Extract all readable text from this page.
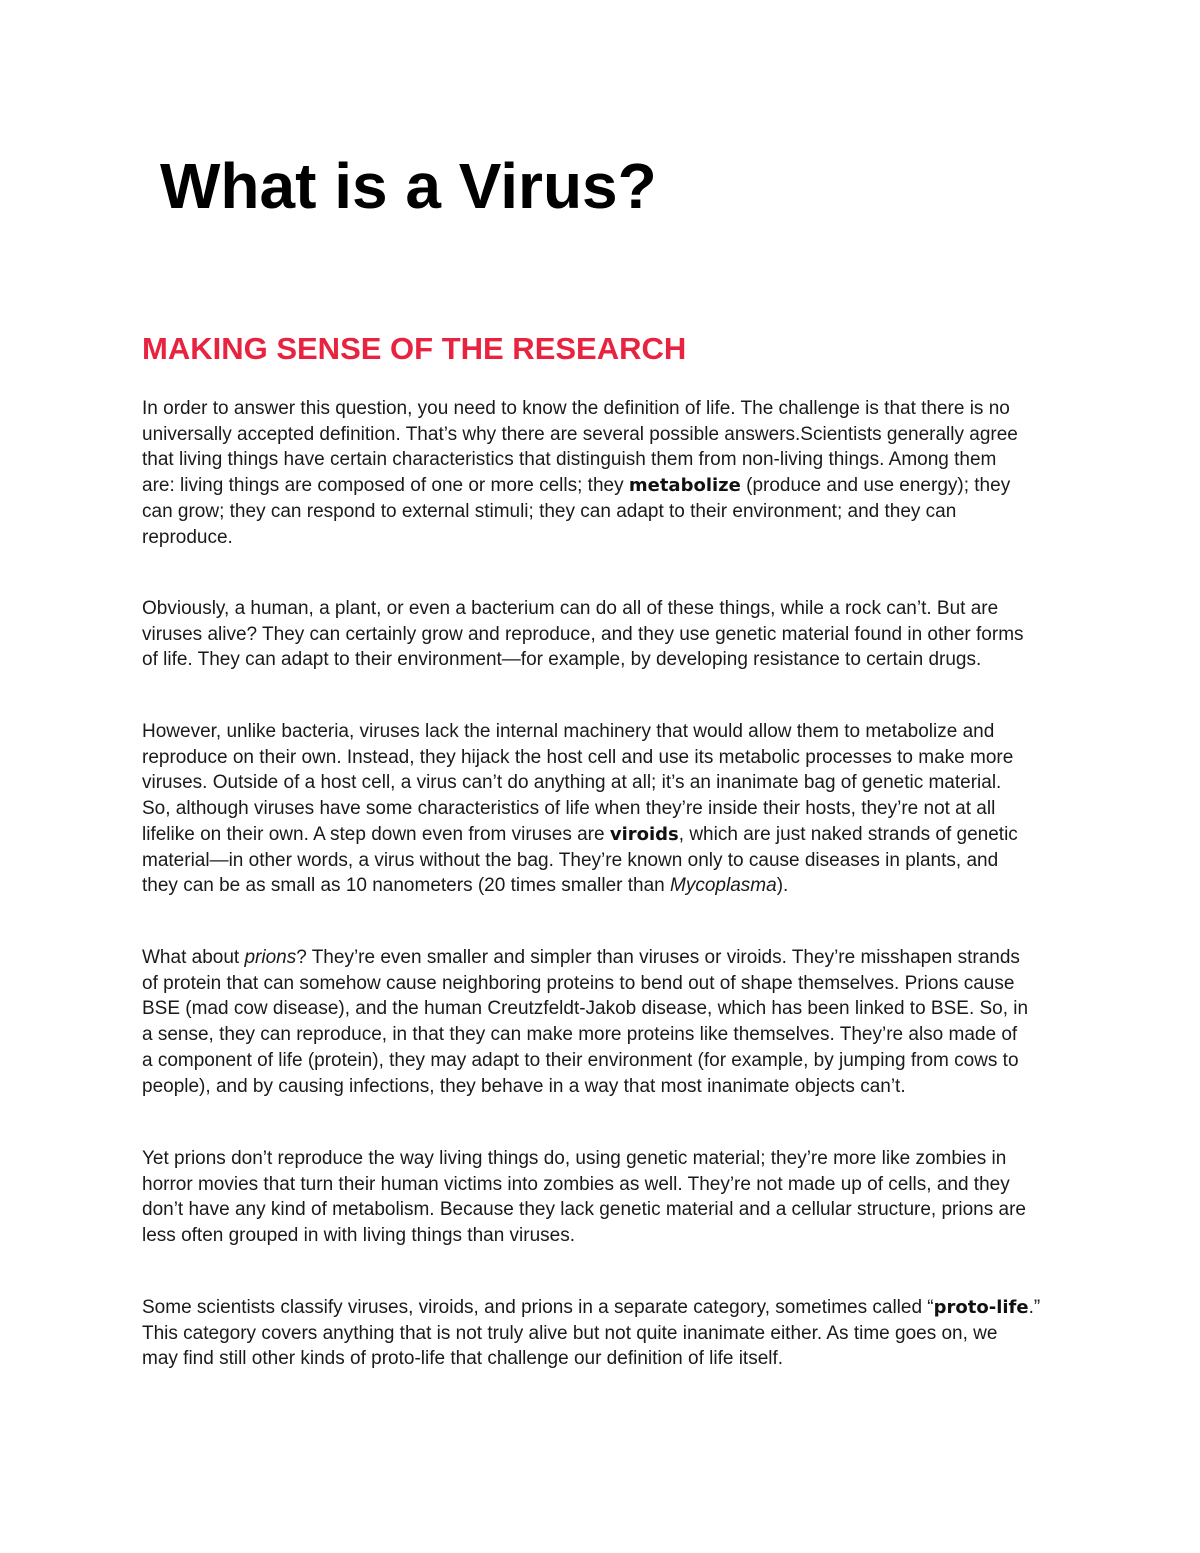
What is a Virus?
MAKING SENSE OF THE RESEARCH

In order to answer this question, you need to know the definition of life. The challenge is that there is no
universally accepted definition. That’s why there are several possible answers.Scientists generally agree
that living things have certain characteristics that distinguish them from non-living things. Among them
are: living things are composed of one or more cells; they metabolize (produce and use energy); they
can grow; they can respond to external stimuli; they can adapt to their environment; and they can
reproduce.

Obviously, a human, a plant, or even a bacterium can do all of these things, while a rock can’t. But are
viruses alive? They can certainly grow and reproduce, and they use genetic material found in other forms
of life. They can adapt to their environment—for example, by developing resistance to certain drugs.

However, unlike bacteria, viruses lack the internal machinery that would allow them to metabolize and
reproduce on their own. Instead, they hijack the host cell and use its metabolic processes to make more
viruses. Outside of a host cell, a virus can’t do anything at all; it’s an inanimate bag of genetic material.
So, although viruses have some characteristics of life when they’re inside their hosts, they’re not at all
lifelike on their own. A step down even from viruses are viroids, which are just naked strands of genetic
material—in other words, a virus without the bag. They’re known only to cause diseases in plants, and
they can be as small as 10 nanometers (20 times smaller than Mycoplasma).

What about prions? They’re even smaller and simpler than viruses or viroids. They’re misshapen strands
of protein that can somehow cause neighboring proteins to bend out of shape themselves. Prions cause
BSE (mad cow disease), and the human Creutzfeldt-Jakob disease, which has been linked to BSE. So, in
a sense, they can reproduce, in that they can make more proteins like themselves. They’re also made of
a component of life (protein), they may adapt to their environment (for example, by jumping from cows to
people), and by causing infections, they behave in a way that most inanimate objects can’t.

Yet prions don’t reproduce the way living things do, using genetic material; they’re more like zombies in
horror movies that turn their human victims into zombies as well. They’re not made up of cells, and they
don’t have any kind of metabolism. Because they lack genetic material and a cellular structure, prions are
less often grouped in with living things than viruses.

Some scientists classify viruses, viroids, and prions in a separate category, sometimes called “proto-life.”
This category covers anything that is not truly alive but not quite inanimate either. As time goes on, we
may find still other kinds of proto-life that challenge our definition of life itself.
